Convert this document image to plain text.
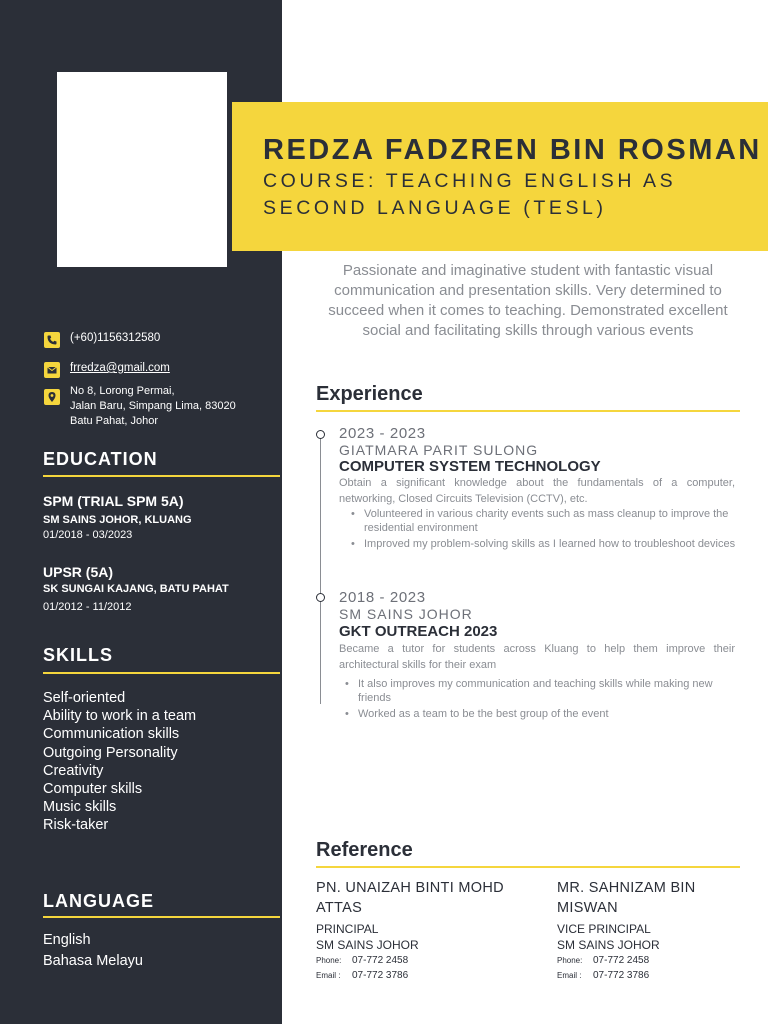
(+60)1156312580
frredza@gmail.com
No 8, Lorong Permai,
Jalan Baru, Simpang Lima, 83020
Batu Pahat, Johor
EDUCATION
SPM (TRIAL SPM 5A)
SM SAINS JOHOR, KLUANG
01/2018 - 03/2023
UPSR (5A)
SK SUNGAI KAJANG, BATU PAHAT
01/2012 - 11/2012
SKILLS
Self-oriented
Ability to work in a team
Communication skills
Outgoing Personality
Creativity
Computer skills
Music skills
Risk-taker
LANGUAGE
English
Bahasa Melayu
REDZA FADZREN BIN ROSMAN
COURSE: TEACHING ENGLISH AS SECOND LANGUAGE (TESL)
Passionate and imaginative student with fantastic visual communication and presentation skills. Very determined to succeed when it comes to teaching. Demonstrated excellent social and facilitating skills through various events
Experience
2023 - 2023
GIATMARA PARIT SULONG
COMPUTER SYSTEM TECHNOLOGY
Obtain a significant knowledge about the fundamentals of a computer, networking, Closed Circuits Television (CCTV), etc.
• Volunteered in various charity events such as mass cleanup to improve the residential environment
• Improved my problem-solving skills as I learned how to troubleshoot devices
2018 - 2023
SM SAINS JOHOR
GKT OUTREACH 2023
Became a tutor for students across Kluang to help them improve their architectural skills for their exam
• It also improves my communication and teaching skills while making new friends
• Worked as a team to be the best group of the event
Reference
PN. UNAIZAH BINTI MOHD ATTAS
PRINCIPAL
SM SAINS JOHOR
Phone: 07-772 2458
Email : 07-772 3786
MR. SAHNIZAM BIN MISWAN
VICE PRINCIPAL
SM SAINS JOHOR
Phone: 07-772 2458
Email : 07-772 3786
